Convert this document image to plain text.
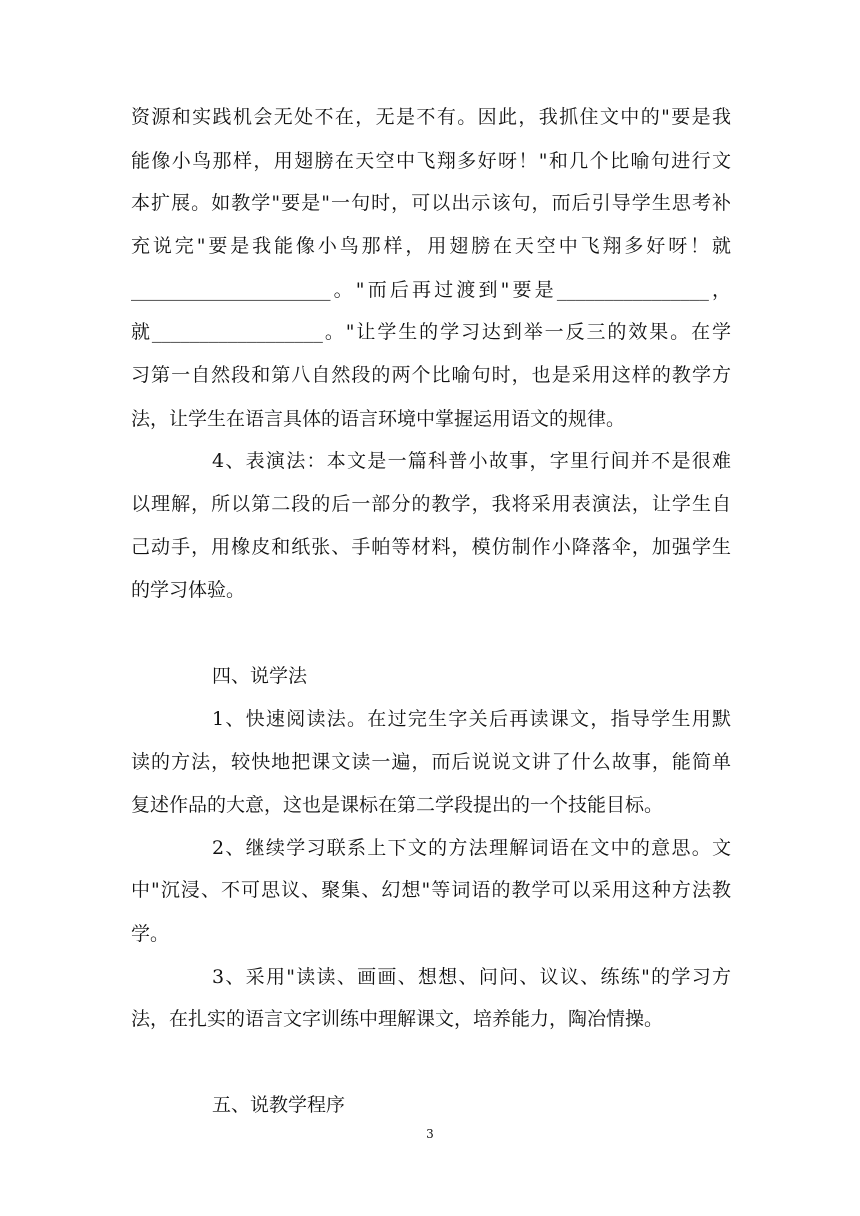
资源和实践机会无处不在，无是不有。因此，我抓住文中的"要是我
能像小鸟那样，用翅膀在天空中飞翔多好呀！"和几个比喻句进行文
本扩展。如教学"要是"一句时，可以出示该句，而后引导学生思考补
充说完"要是我能像小鸟那样，用翅膀在天空中飞翔多好呀！就
_____________________。"而后再过渡到"要是________________，
就__________________。"让学生的学习达到举一反三的效果。在学
习第一自然段和第八自然段的两个比喻句时，也是采用这样的教学方
法，让学生在语言具体的语言环境中掌握运用语文的规律。
4、表演法：本文是一篇科普小故事，字里行间并不是很难
以理解，所以第二段的后一部分的教学，我将采用表演法，让学生自
己动手，用橡皮和纸张、手帕等材料，模仿制作小降落伞，加强学生
的学习体验。
四、说学法
1、快速阅读法。在过完生字关后再读课文，指导学生用默
读的方法，较快地把课文读一遍，而后说说文讲了什么故事，能简单
复述作品的大意，这也是课标在第二学段提出的一个技能目标。
2、继续学习联系上下文的方法理解词语在文中的意思。文
中"沉浸、不可思议、聚集、幻想"等词语的教学可以采用这种方法教
学。
3、采用"读读、画画、想想、问问、议议、练练"的学习方
法，在扎实的语言文字训练中理解课文，培养能力，陶冶情操。
五、说教学程序
3
